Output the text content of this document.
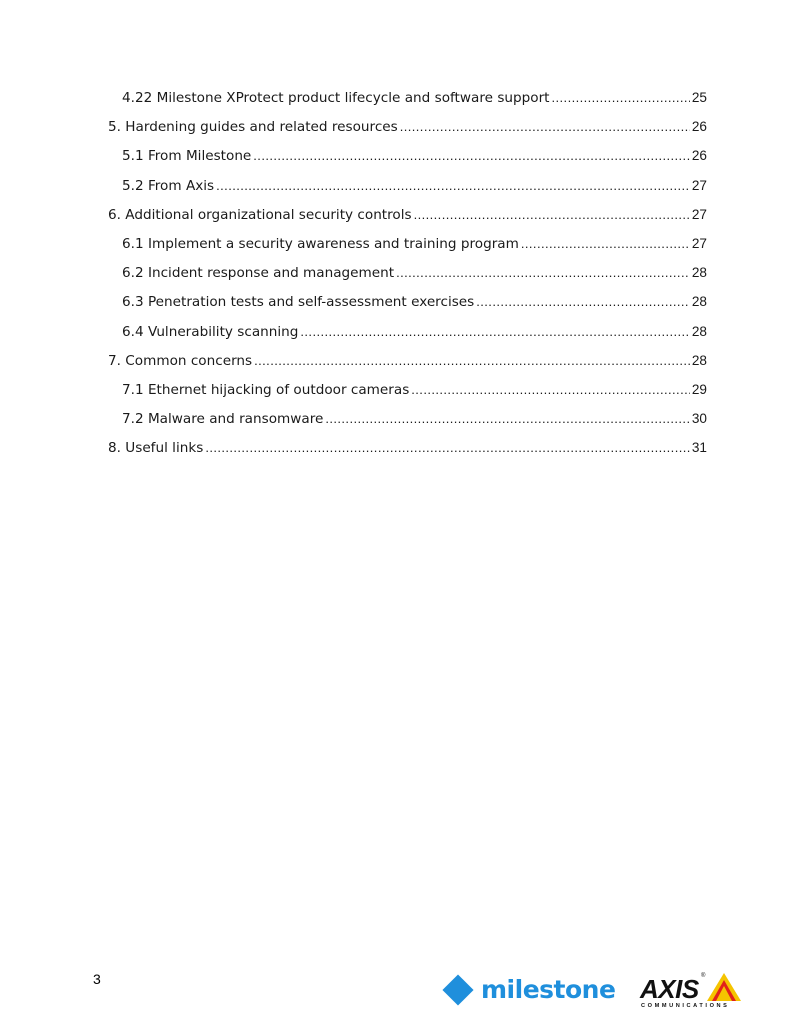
4.22 Milestone XProtect product lifecycle and software support .....	25
5. Hardening guides and related resources .....	26
5.1 From Milestone .....	26
5.2 From Axis .....	27
6. Additional organizational security controls .....	27
6.1 Implement a security awareness and training program .....	27
6.2 Incident response and management .....	28
6.3 Penetration tests and self-assessment exercises .....	28
6.4 Vulnerability scanning .....	28
7. Common concerns .....	28
7.1 Ethernet hijacking of outdoor cameras .....	29
7.2 Malware and ransomware .....	30
8. Useful links .....	31
3	milestone AXIS ®
COMMUNICATIONS
